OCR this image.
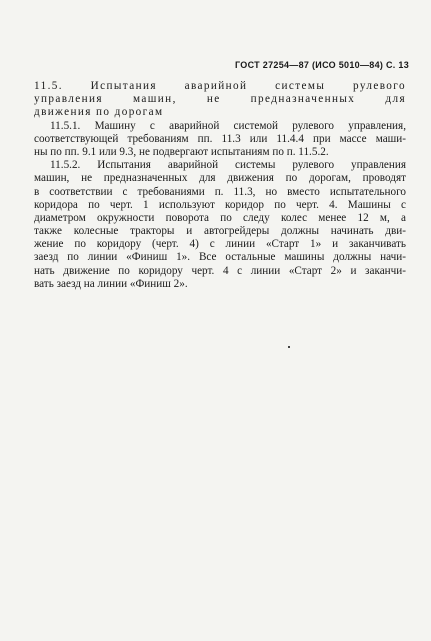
ГОСТ 27254—87 (ИСО 5010—84) С. 13
11.5. Испытания аварийной системы рулевого
управления машин, не предназначенных для
движения по дорогам
11.5.1. Машину с аварийной системой рулевого управления,
соответствующей требованиям пп. 11.3 или 11.4.4 при массе маши-
ны по пп. 9.1 или 9.3, не подвергают испытаниям по п. 11.5.2.
11.5.2. Испытания аварийной системы рулевого управления
машин, не предназначенных для движения по дорогам, проводят
в соответствии с требованиями п. 11.3, но вместо испытательного
коридора по черт. 1 используют коридор по черт. 4. Машины с
диаметром окружности поворота по следу колес менее 12 м, а
также колесные тракторы и автогрейдеры должны начинать дви-
жение по коридору (черт. 4) с линии «Старт 1» и заканчивать
заезд по линии «Финиш 1». Все остальные машины должны начи-
нать движение по коридору черт. 4 с линии «Старт 2» и заканчи-
вать заезд на линии «Финиш 2».
